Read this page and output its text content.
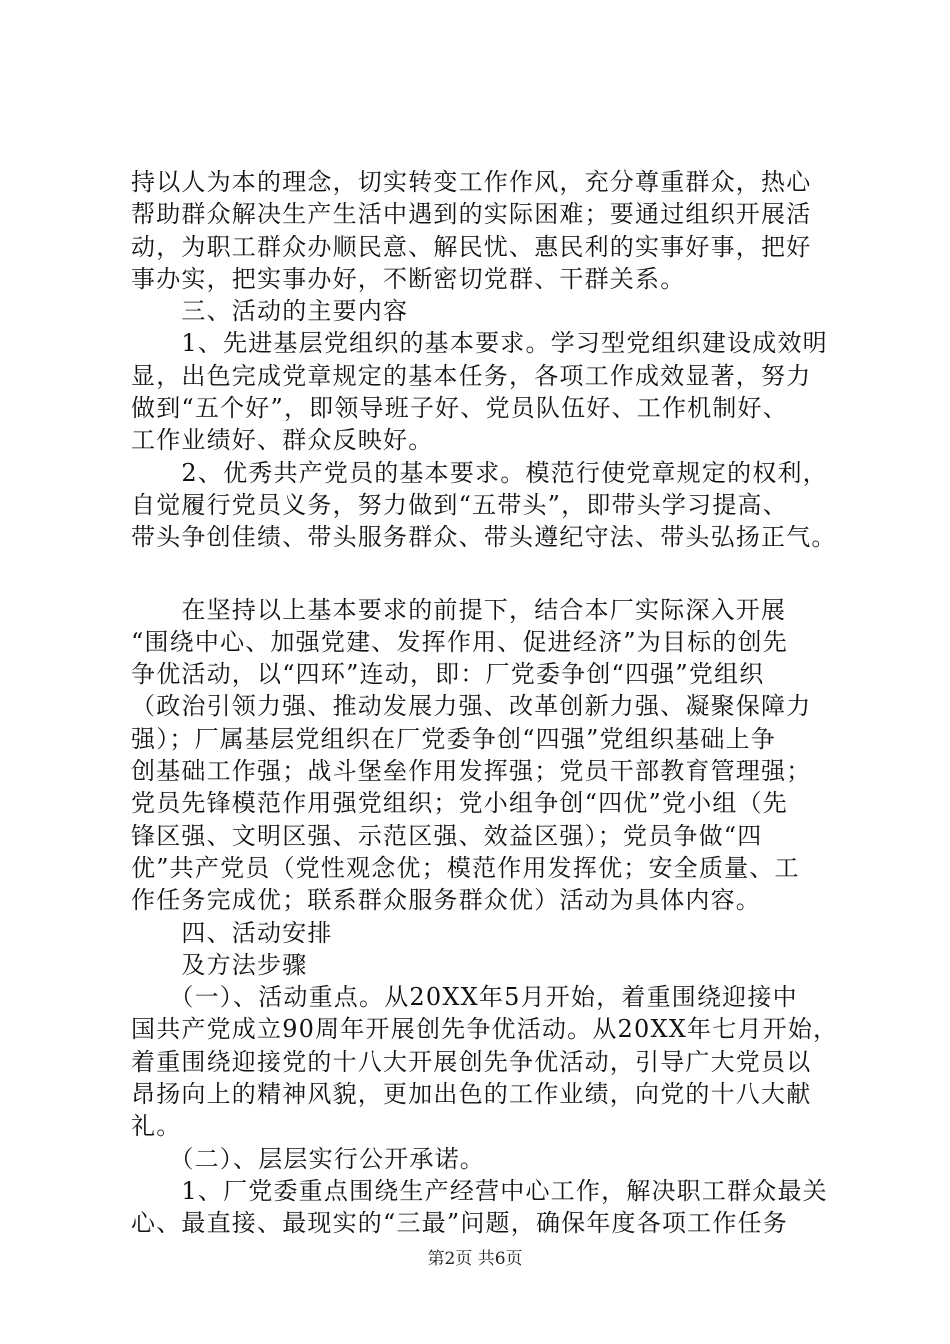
持以人为本的理念，切实转变工作作风，充分尊重群众，热心
帮助群众解决生产生活中遇到的实际困难；要通过组织开展活
动，为职工群众办顺民意、解民忧、惠民利的实事好事，把好
事办实，把实事办好，不断密切党群、干群关系。
　　三、活动的主要内容
　　1、先进基层党组织的基本要求。学习型党组织建设成效明
显，出色完成党章规定的基本任务，各项工作成效显著，努力
做到“五个好”，即领导班子好、党员队伍好、工作机制好、
工作业绩好、群众反映好。
　　2、优秀共产党员的基本要求。模范行使党章规定的权利，
自觉履行党员义务，努力做到“五带头”，即带头学习提高、
带头争创佳绩、带头服务群众、带头遵纪守法、带头弘扬正气。
　　在坚持以上基本要求的前提下，结合本厂实际深入开展
“围绕中心、加强党建、发挥作用、促进经济”为目标的创先
争优活动，以“四环”连动，即：厂党委争创“四强”党组织
（政治引领力强、推动发展力强、改革创新力强、凝聚保障力
强）；厂属基层党组织在厂党委争创“四强”党组织基础上争
创基础工作强；战斗堡垒作用发挥强；党员干部教育管理强；
党员先锋模范作用强党组织；党小组争创“四优”党小组（先
锋区强、文明区强、示范区强、效益区强）；党员争做“四
优”共产党员（党性观念优；模范作用发挥优；安全质量、工
作任务完成优；联系群众服务群众优）活动为具体内容。
　　四、活动安排
　　及方法步骤
　　（一）、活动重点。从20XX年5月开始，着重围绕迎接中
国共产党成立90周年开展创先争优活动。从20XX年七月开始，
着重围绕迎接党的十八大开展创先争优活动，引导广大党员以
昂扬向上的精神风貌，更加出色的工作业绩，向党的十八大献
礼。
　　（二）、层层实行公开承诺。
　　1、厂党委重点围绕生产经营中心工作，解决职工群众最关
心、最直接、最现实的“三最”问题，确保年度各项工作任务
第2页 共6页
